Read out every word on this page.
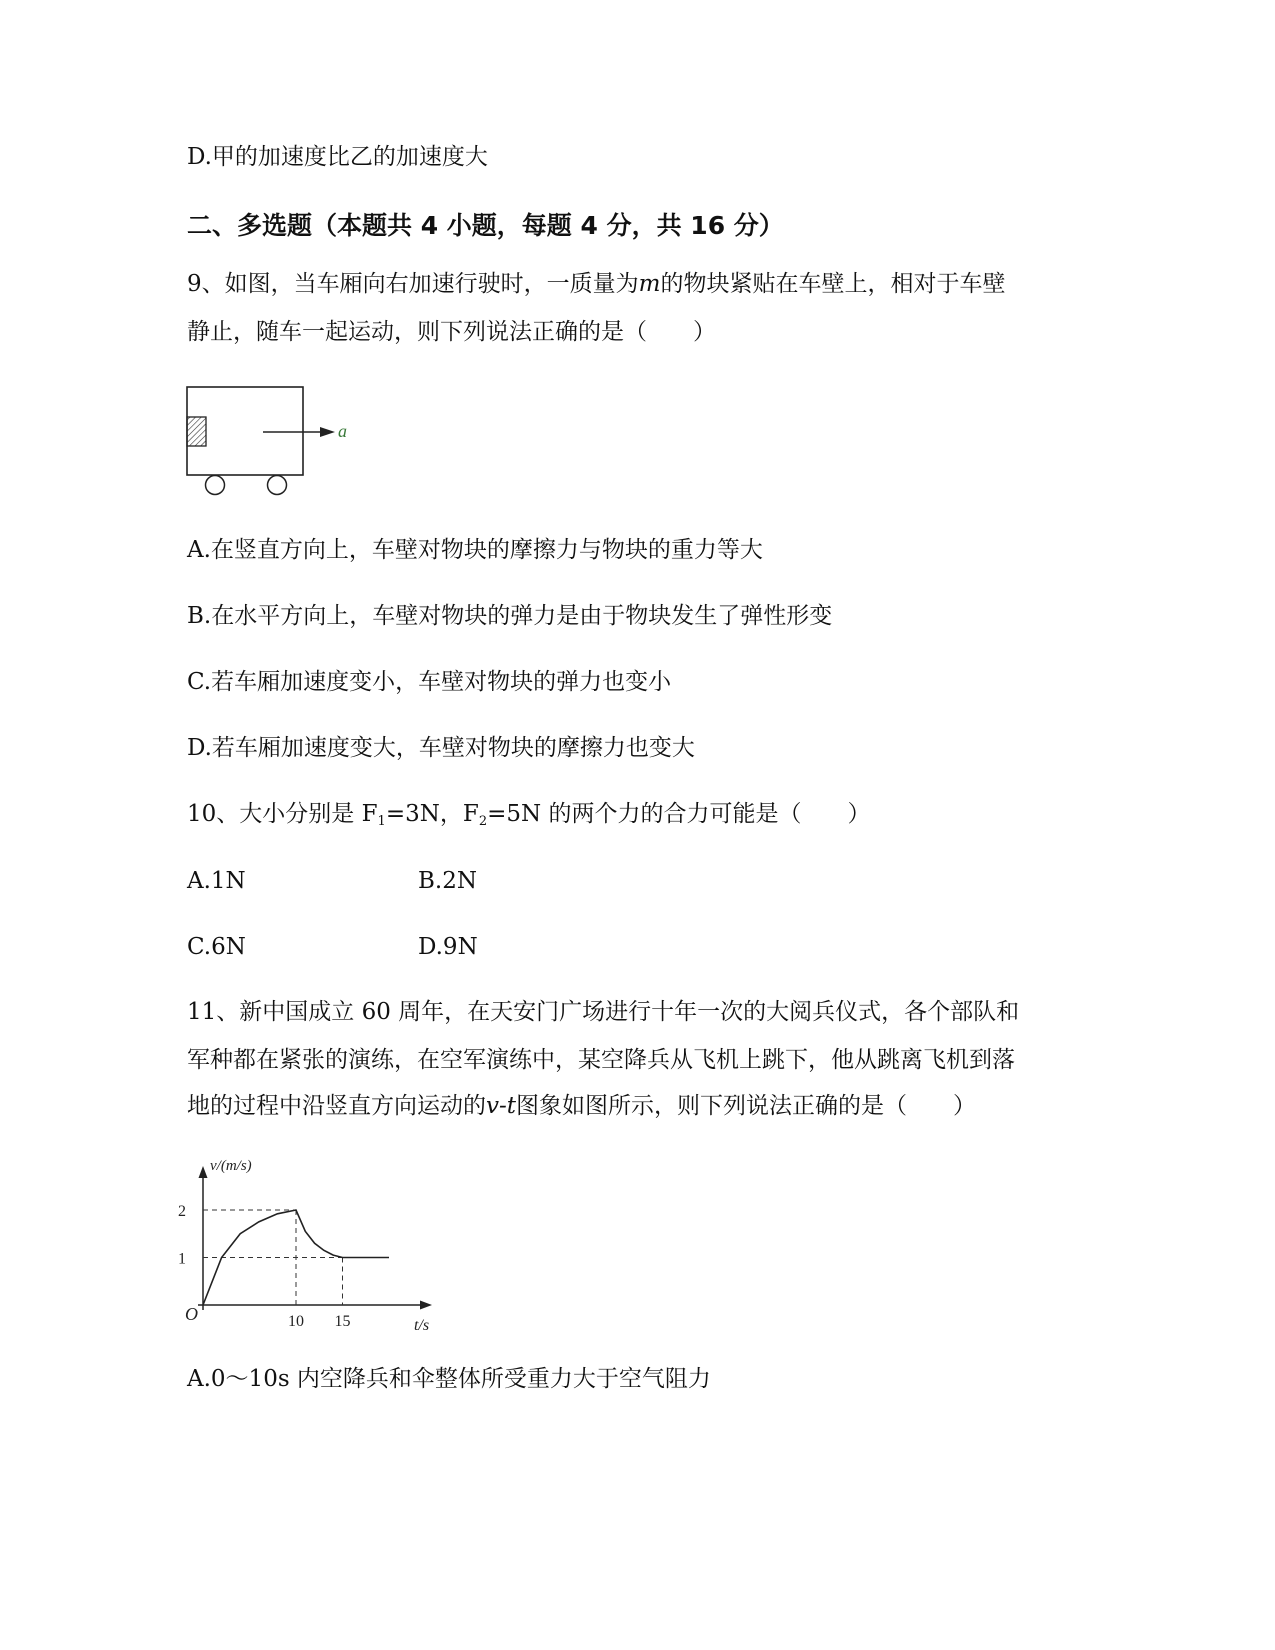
D.甲的加速度比乙的加速度大
二、多选题（本题共 4 小题，每题 4 分，共 16 分）
9、如图，当车厢向右加速行驶时，一质量为m的物块紧贴在车壁上，相对于车壁
静止，随车一起运动，则下列说法正确的是（　　）
a
A.在竖直方向上，车壁对物块的摩擦力与物块的重力等大
B.在水平方向上，车壁对物块的弹力是由于物块发生了弹性形变
C.若车厢加速度变小，车壁对物块的弹力也变小
D.若车厢加速度变大，车壁对物块的摩擦力也变大
10、大小分别是 $F_1=3N$，$F_2=5N$ 的两个力的合力可能是（　　）
A.1N	B.2N
C.6N	D.9N
11、新中国成立 60 周年，在天安门广场进行十年一次的大阅兵仪式，各个部队和
军种都在紧张的演练，在空军演练中，某空降兵从飞机上跳下，他从跳离飞机到落
地的过程中沿竖直方向运动的v-t图象如图所示，则下列说法正确的是（　　）
10 15
1
2
v/(m/s)
t/s
O
A.0～10s 内空降兵和伞整体所受重力大于空气阻力
